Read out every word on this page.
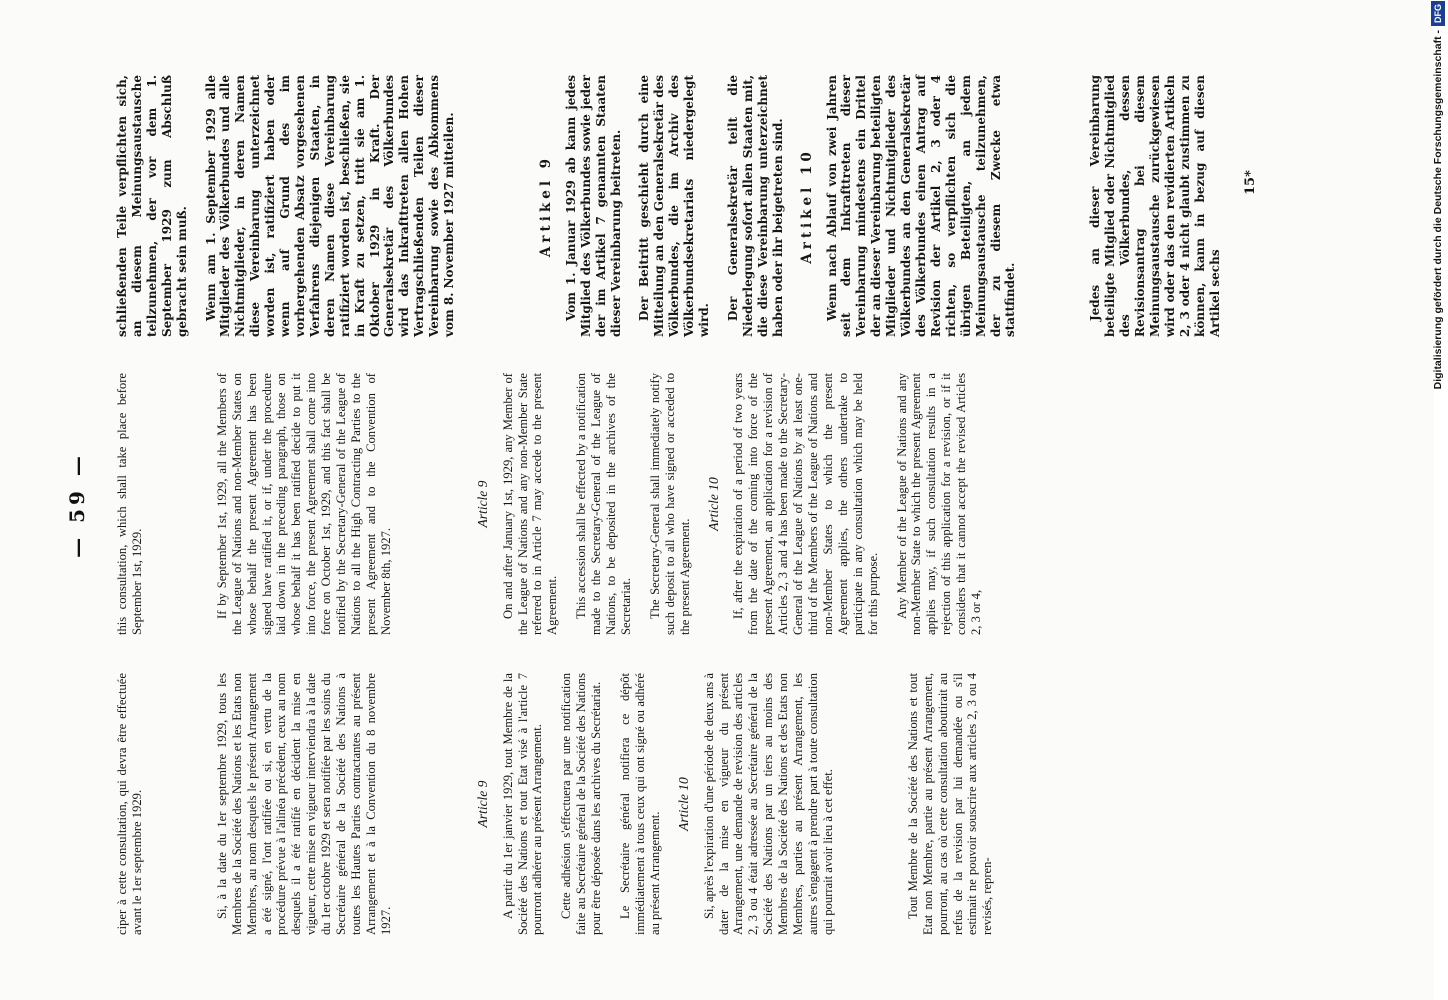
— 59 —

ciper à cette consultation, qui devra être effectuée avant le 1er septembre 1929.	Si, à la date du 1er septembre 1929, tous les Membres de la Société des Nations et les Etats non Membres, au nom desquels le présent Arrangement a été signé, l'ont ratifiée ou si, en vertu de la procédure prévue à l'alinéa précédent, ceux au nom desquels il a été ratifié en décident la mise en vigueur, cette mise en vigueur interviendra à la date du 1er octobre 1929 et sera notifiée par les soins du Secrétaire général de la Société des Nations à toutes les Hautes Parties contractantes au présent Arrangement et à la Convention du 8 novembre 1927.

Article 9 A partir du 1er janvier 1929, tout Membre de la Société des Nations et tout Etat visé à l'article 7 pourront adhérer au présent Arrangement. Cette adhésion s'effectuera par une notification faite au Secrétaire général de la Société des Nations pour être déposée dans les archives du Secrétariat. Le Secrétaire général notifiera ce dépôt immédiatement à tous ceux qui ont signé ou adhéré au présent Arrangement.

Article 10 Si, après l'expiration d'une période de deux ans à dater de la mise en vigueur du présent Arrangement, une demande de revision des articles 2, 3 ou 4 était adressée au Secrétaire général de la Société des Nations par un tiers au moins des Membres de la Société des Nations et des Etats non Membres, parties au présent Arrangement, les autres s'engagent à prendre part à toute consultation qui pourrait avoir lieu à cet effet.	Tout Membre de la Société des Nations et tout Etat non Membre, partie au présent Arrangement, pourront, au cas où cette consultation aboutirait au refus de la revision par lui demandée ou s'il estimait ne pouvoir souscrire aux articles 2, 3 ou 4 revisés, repren-

this consultation, which shall take place before September 1st, 1929.	If by September 1st, 1929, all the Members of the League of Nations and non-Member States on whose behalf the present Agreement has been signed have ratified it, or if, under the procedure laid down in the preceding paragraph, those on whose behalf it has been ratified decide to put it into force, the present Agreement shall come into force on October 1st, 1929, and this fact shall be notified by the Secretary-General of the League of Nations to all the High Contracting Parties to the present Agreement and to the Convention of November 8th, 1927.

Article 9 On and after January 1st, 1929, any Member of the League of Nations and any non-Member State referred to in Article 7 may accede to the present Agreement. This accession shall be effected by a notification made to the Secretary-General of the League of Nations, to be deposited in the archives of the Secretariat. The Secretary-General shall immediately notify such deposit to all who have signed or acceded to the present Agreement.

Article 10 If, after the expiration of a period of two years from the date of the coming into force of the present Agreement, an application for a revision of Articles 2, 3 and 4 has been made to the Secretary-General of the League of Nations by at least one-third of the Members of the League of Nations and non-Member States to which the present Agreement applies, the others undertake to participate in any consultation which may be held for this purpose. Any Member of the League of Nations and any non-Member State to which the present Agreement applies may, if such consultation results in a rejection of this application for a revision, or if it considers that it cannot accept the revised Articles 2, 3 or 4,

schließenden Teile verpflichten sich, an diesem Meinungsaustausche teilzunehmen, der vor dem 1. September 1929 zum Abschluß gebracht sein muß. Wenn am 1. September 1929 alle Mitglieder des Völkerbundes und alle Nichtmitglieder, in deren Namen diese Vereinbarung unterzeichnet worden ist, ratifiziert haben oder wenn auf Grund des im vorhergehenden Absatz vorgesehenen Verfahrens diejenigen Staaten, in deren Namen diese Vereinbarung ratifiziert worden ist, beschließen, sie in Kraft zu setzen, tritt sie am 1. Oktober 1929 in Kraft. Der Generalsekretär des Völkerbundes wird das Inkrafttreten allen Hohen Vertragschließenden Teilen dieser Vereinbarung sowie des Abkommens vom 8. November 1927 mitteilen.	Artikel 9 Vom 1. Januar 1929 ab kann jedes Mitglied des Völkerbundes sowie jeder der im Artikel 7 genannten Staaten dieser Vereinbarung beitreten. Der Beitritt geschieht durch eine Mitteilung an den Generalsekretär des Völkerbundes, die im Archiv des Völkerbundsekretariats niedergelegt wird. Der Generalsekretär teilt die Niederlegung sofort allen Staaten mit, die diese Vereinbarung unterzeichnet haben oder ihr beigetreten sind. Artikel 10 Wenn nach Ablauf von zwei Jahren seit dem Inkrafttreten dieser Vereinbarung mindestens ein Drittel der an dieser Vereinbarung beteiligten Mitglieder und Nichtmitglieder des Völkerbundes an den Generalsekretär des Völkerbundes einen Antrag auf Revision der Artikel 2, 3 oder 4 richten, so verpflichten sich die übrigen Beteiligten, an jedem Meinungsaustausche teilzunehmen, der zu diesem Zwecke etwa stattfindet.	Jedes an dieser Vereinbarung beteiligte Mitglied oder Nichtmitglied des Völkerbundes, dessen Revisionsantrag bei diesem Meinungsaustausche zurückgewiesen wird oder das den revidierten Artikeln 2, 3 oder 4 nicht glaubt zustimmen zu können, kann in bezug auf diesen Artikel sechs

15*	Digitalisierung gefördert durch die Deutsche Forschungsgemeinschaft -DFG
